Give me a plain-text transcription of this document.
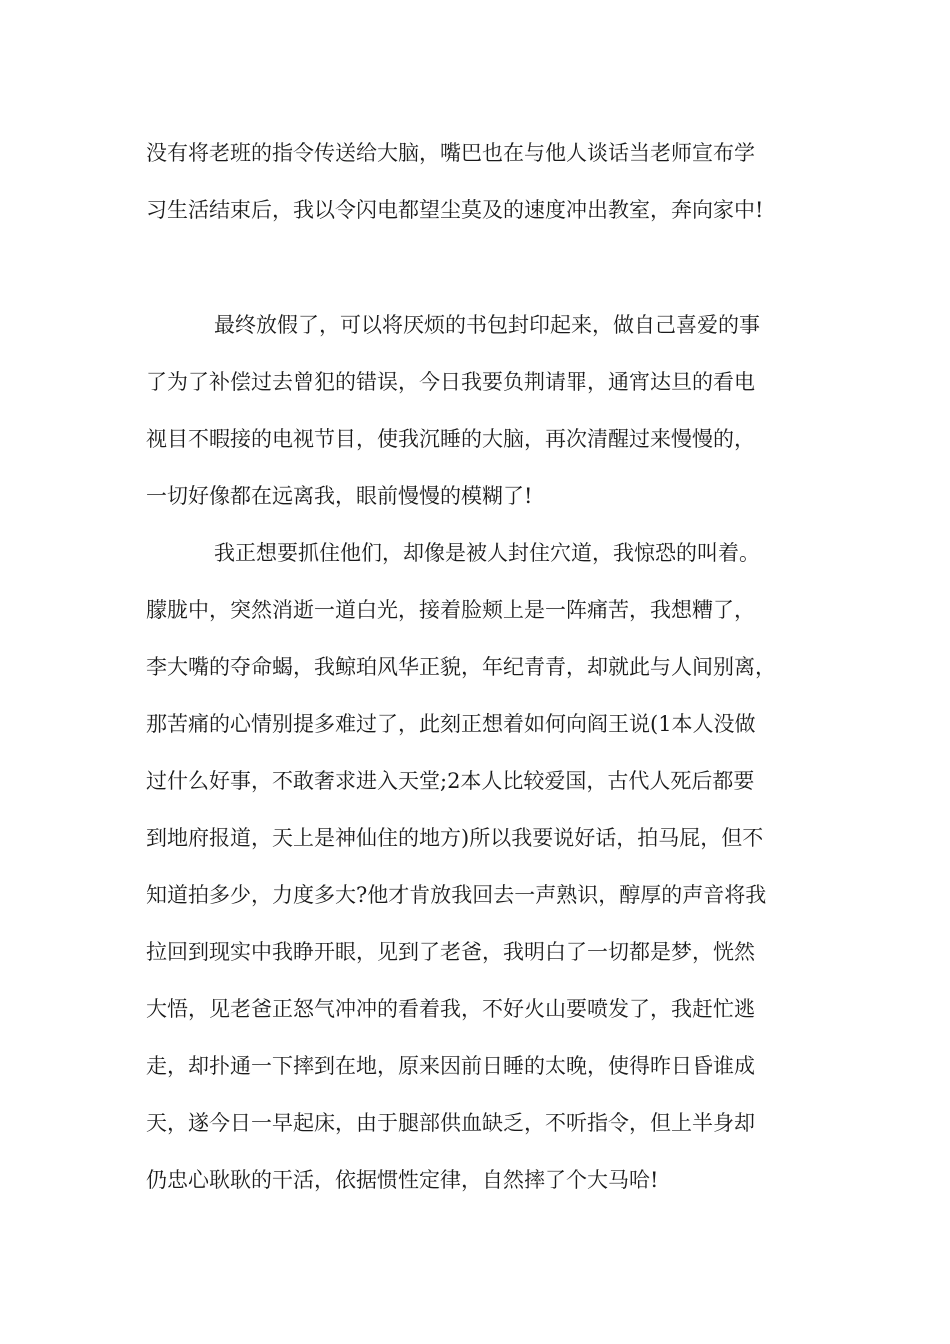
没有将老班的指令传送给大脑，嘴巴也在与他人谈话当老师宣布学

习生活结束后，我以令闪电都望尘莫及的速度冲出教室，奔向家中!

最终放假了，可以将厌烦的书包封印起来，做自己喜爱的事

了为了补偿过去曾犯的错误，今日我要负荆请罪，通宵达旦的看电

视目不暇接的电视节目，使我沉睡的大脑，再次清醒过来慢慢的，

一切好像都在远离我，眼前慢慢的模糊了!

我正想要抓住他们，却像是被人封住穴道，我惊恐的叫着。

朦胧中，突然消逝一道白光，接着脸颊上是一阵痛苦，我想糟了，

李大嘴的夺命蝎，我鲸珀风华正貌，年纪青青，却就此与人间别离，

那苦痛的心情别提多难过了，此刻正想着如何向阎王说(1本人没做

过什么好事，不敢奢求进入天堂;2本人比较爱国，古代人死后都要

到地府报道，天上是神仙住的地方)所以我要说好话，拍马屁，但不

知道拍多少，力度多大?他才肯放我回去一声熟识，醇厚的声音将我

拉回到现实中我睁开眼，见到了老爸，我明白了一切都是梦，恍然

大悟，见老爸正怒气冲冲的看着我，不好火山要喷发了，我赶忙逃

走，却扑通一下摔到在地，原来因前日睡的太晚，使得昨日昏谁成

天，遂今日一早起床，由于腿部供血缺乏，不听指令，但上半身却

仍忠心耿耿的干活，依据惯性定律，自然摔了个大马哈!
